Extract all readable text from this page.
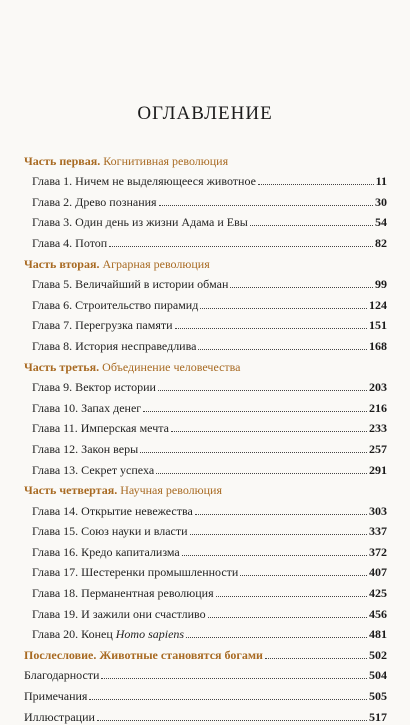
ОГЛАВЛЕНИЕ
Часть первая. Когнитивная революция
Глава 1. Ничем не выделяющееся животное	11
Глава 2. Древо познания	30
Глава 3. Один день из жизни Адама и Евы	54
Глава 4. Потоп	82
Часть вторая. Аграрная революция
Глава 5. Величайший в истории обман	99
Глава 6. Строительство пирамид	124
Глава 7. Перегрузка памяти	151
Глава 8. История несправедлива	168
Часть третья. Объединение человечества
Глава 9. Вектор истории	203
Глава 10. Запах денег	216
Глава 11. Имперская мечта	233
Глава 12. Закон веры	257
Глава 13. Секрет успеха	291
Часть четвертая. Научная революция
Глава 14. Открытие невежества	303
Глава 15. Союз науки и власти	337
Глава 16. Кредо капитализма	372
Глава 17. Шестеренки промышленности	407
Глава 18. Перманентная революция	425
Глава 19. И зажили они счастливо	456
Глава 20. Конец Homo sapiens	481
Послесловие. Животные становятся богами	502
Благодарности	504
Примечания	505
Иллюстрации	517
